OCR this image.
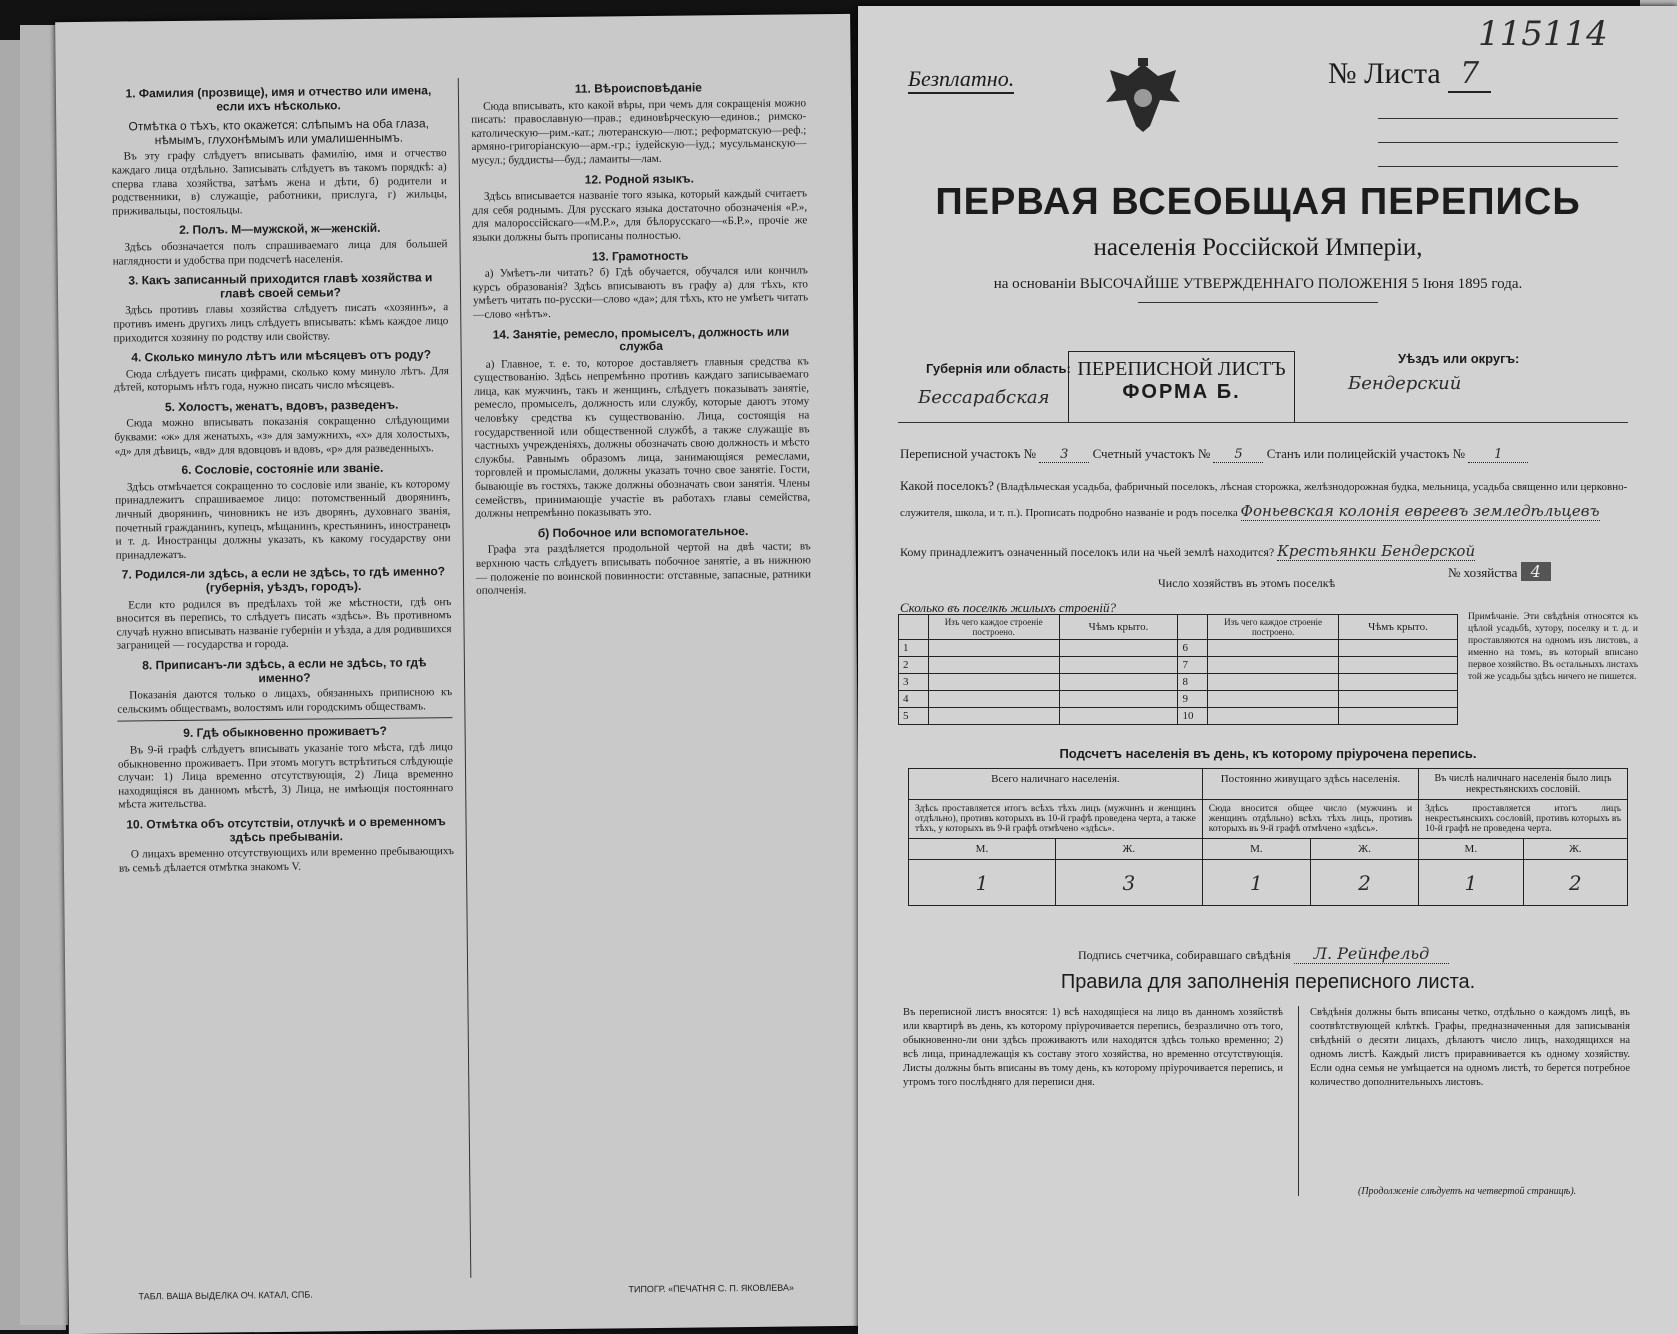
1. Фамилия (прозвище), имя и отчество или имена, если ихъ нѣсколько.
Отмѣтка о тѣхъ, кто окажется: слѣпымъ на оба глаза, нѣмымъ, глухонѣмымъ или умалишеннымъ.

Въ эту графу слѣдуетъ вписывать фамилію, имя и отчество каждаго лица отдѣльно. Записывать слѣдуетъ въ такомъ порядкѣ: а) сперва глава хозяйства, затѣмъ жена и дѣти, б) родители и родственники, в) служащіе, работники, прислуга, г) жильцы, приживальцы, постояльцы.

2. Полъ. М—мужской, ж—женскій.

Здѣсь обозначается полъ спрашиваемаго лица для большей наглядности и удобства при подсчетѣ населенія.

3. Какъ записанный приходится главѣ хозяйства и главѣ своей семьи?

Здѣсь противъ главы хозяйства слѣдуетъ писать «хозяинъ», а противъ именъ другихъ лицъ слѣдуетъ вписывать: кѣмъ каждое лицо приходится хозяину по родству или свойству.

4. Сколько минуло лѣтъ или мѣсяцевъ отъ роду?

Сюда слѣдуетъ писать цифрами, сколько кому минуло лѣтъ. Для дѣтей, которымъ нѣтъ года, нужно писать число мѣсяцевъ.

5. Холостъ, женатъ, вдовъ, разведенъ.

Сюда можно вписывать показанія сокращенно слѣдующими буквами: «ж» для женатыхъ, «з» для замужнихъ, «х» для холостыхъ, «д» для дѣвицъ, «вд» для вдовцовъ и вдовъ, «р» для разведенныхъ.

6. Сословіе, состояніе или званіе.

Здѣсь отмѣчается сокращенно то сословіе или званіе, къ которому принадлежитъ спрашиваемое лицо: потомственный дворянинъ, личный дворянинъ, чиновникъ не изъ дворянъ, духовнаго званія, почетный гражданинъ, купецъ, мѣщанинъ, крестьянинъ, иностранецъ и т. д. Иностранцы должны указать, къ какому государству они принадлежатъ.

7. Родился-ли здѣсь, а если не здѣсь, то гдѣ именно? (губернія, уѣздъ, городъ).

Если кто родился въ предѣлахъ той же мѣстности, гдѣ онъ вносится въ перепись, то слѣдуетъ писать «здѣсь». Въ противномъ случаѣ нужно вписывать названіе губерніи и уѣзда, а для родившихся заграницей — государства и города.

8. Приписанъ-ли здѣсь, а если не здѣсь, то гдѣ именно?

Показанія даются только о лицахъ, обязанныхъ приписною къ сельскимъ обществамъ, волостямъ или городскимъ обществамъ.

9. Гдѣ обыкновенно проживаетъ?

Въ 9-й графѣ слѣдуетъ вписывать указаніе того мѣста, гдѣ лицо обыкновенно проживаетъ. При этомъ могутъ встрѣтиться слѣдующіе случаи: 1) Лица временно отсутствующія, 2) Лица временно находящіяся въ данномъ мѣстѣ, 3) Лица, не имѣющія постояннаго мѣста жительства.

10. Отмѣтка объ отсутствіи, отлучкѣ и о временномъ здѣсь пребываніи.

О лицахъ временно отсутствующихъ или временно пребывающихъ въ семьѣ дѣлается отмѣтка знакомъ V.

11. Вѣроисповѣданіе

Сюда вписывать, кто какой вѣры, при чемъ для сокращенія можно писать: православную—прав.; единовѣрческую—единов.; римско-католическую—рим.-кат.; лютеранскую—лют.; реформатскую—реф.; армяно-григоріанскую—арм.-гр.; іудейскую—іуд.; мусульманскую—мусул.; буддисты—буд.; ламаиты—лам.

12. Родной языкъ.

Здѣсь вписывается названіе того языка, который каждый считаетъ для себя роднымъ. Для русскаго языка достаточно обозначенія «Р.», для малороссійскаго—«М.Р.», для бѣлорусскаго—«Б.Р.», прочіе же языки должны быть прописаны полностью.

13. Грамотность

а) Умѣетъ-ли читать? б) Гдѣ обучается, обучался или кончилъ курсъ образованія? Здѣсь вписывають въ графу а) для тѣхъ, кто умѣетъ читать по-русски—слово «да»; для тѣхъ, кто не умѣетъ читать—слово «нѣтъ».

14. Занятіе, ремесло, промыселъ, должность или служба

а) Главное, т. е. то, которое доставляетъ главныя средства къ существованію. Здѣсь непремѣнно противъ каждаго записываемаго лица, как мужчинъ, такъ и женщинъ, слѣдуетъ показывать занятіе, ремесло, промыселъ, должность или службу, которые даютъ этому человѣку средства къ существованію. Лица, состоящія на государственной или общественной службѣ, а также служащіе въ частныхъ учрежденіяхъ, должны обозначать свою должность и мѣсто службы. Равнымъ образомъ лица, занимающіяся ремеслами, торговлей и промыслами, должны указать точно свое занятіе. Гости, бывающіе въ гостяхъ, также должны обозначать свои занятія. Члены семействъ, принимающіе участіе въ работахъ главы семейства, должны непремѣнно показывать это.

б) Побочное или вспомогательное.

Графа эта раздѣляется продольной чертой на двѣ части; въ верхнюю часть слѣдуетъ вписывать побочное занятіе, а въ нижнюю — положеніе по воинской повинности: отставные, запасные, ратники ополченія.

ТАБЛ. ВАША ВЫДЕЛКА ОЧ. КАТАЛ, СПБ.
ТИПОГР. «ПЕЧАТНЯ С. П. ЯКОВЛЕВА»
115114
Безплатно.	№ Листа 7
ПЕРВАЯ ВСЕОБЩАЯ ПЕРЕПИСЬ
населенія Россійской Имперіи,
на основаніи ВЫСОЧАЙШЕ УТВЕРЖДЕННАГО ПОЛОЖЕНІЯ 5 Іюня 1895 года.
Губернія или область:
Бессарабская
ПЕРЕПИСНОЙ ЛИСТЪ
ФОРМА Б.
Уѣздъ или округъ:
Бендерский
Переписной участокъ № 3 Счетный участокъ № 5 Станъ или полицейскій участокъ № 1
Какой поселокъ? (Владѣльческая усадьба, фабричный поселокъ, лѣсная сторожка, желѣзнодорожная будка, мельница, усадьба священно или церковно-служителя, школа, и т. п.). Прописать подробно названіе и родъ поселка Фоньевская колонія евреевъ земледѣльцевъ
Кому принадлежитъ означенный поселокъ или на чьей землѣ находится? Крестьянки Бендерской
№ хозяйства 4
Число хозяйствъ въ этомъ поселкѣ
Сколько въ поселкѣ жилыхъ строеній?
	Изъ чего каждое строеніе построено.	Чѣмъ крыто.		Изъ чего каждое строеніе построено.	Чѣмъ крыто.
1			6		
2			7		
3			8		
4			9		
5			10		
Примѣчаніе. Эти свѣдѣнія относятся къ цѣлой усадьбѣ, хутору, поселку и т. д. и проставляются на одномъ изъ листовъ, а именно на томъ, въ который вписано первое хозяйство. Въ остальныхъ листахъ той же усадьбы здѣсь ничего не пишется.
Подсчетъ населенія въ день, къ которому пріурочена перепись.
Всего наличнаго населенія.		Постоянно живущаго здѣсь населенія.		Въ числѣ наличнаго населенія было лицъ некрестьянскихъ сословій.	
Здѣсь проставляется итогъ всѣхъ тѣхъ лицъ (мужчинъ и женщинъ отдѣльно), противъ которыхъ въ 10-й графѣ проведена черта, а также тѣхъ, у которыхъ въ 9-й графѣ отмѣчено «здѣсь».		Сюда вносится общее число (мужчинъ и женщинъ отдѣльно) всѣхъ тѣхъ лицъ, противъ которыхъ въ 9-й графѣ отмѣчено «здѣсь».		Здѣсь проставляется итогъ лицъ некрестьянскихъ сословій, противъ которыхъ въ 10-й графѣ не проведена черта.	
М.	Ж.	М.	Ж.	М.	Ж.
1	3	1	2	1	2
Подпись счетчика, собиравшаго свѣдѣнія Л. Рейнфельд
Правила для заполненія переписного листа.
Въ переписной листъ вносятся: 1) всѣ находящіеся на лицо въ данномъ хозяйствѣ или квартирѣ въ день, къ которому пріурочивается перепись, безразлично отъ того, обыкновенно-ли они здѣсь проживаютъ или находятся здѣсь только временно; 2) всѣ лица, принадлежащія къ составу этого хозяйства, но временно отсутствующія. Листы должны быть вписаны въ тому день, къ которому пріурочивается перепись, и утромъ того послѣдняго для переписи дня.
Свѣдѣнія должны быть вписаны четко, отдѣльно о каждомъ лицѣ, въ соотвѣтствующей клѣткѣ. Графы, предназначенныя для записыванія свѣдѣній о десяти лицахъ, дѣлаютъ число лицъ, находящихся на одномъ листѣ. Каждый листъ приравнивается къ одному хозяйству. Если одна семья не умѣщается на одномъ листѣ, то берется потребное количество дополнительныхъ листовъ.
(Продолженіе слѣдуетъ на четвертой страницѣ).
